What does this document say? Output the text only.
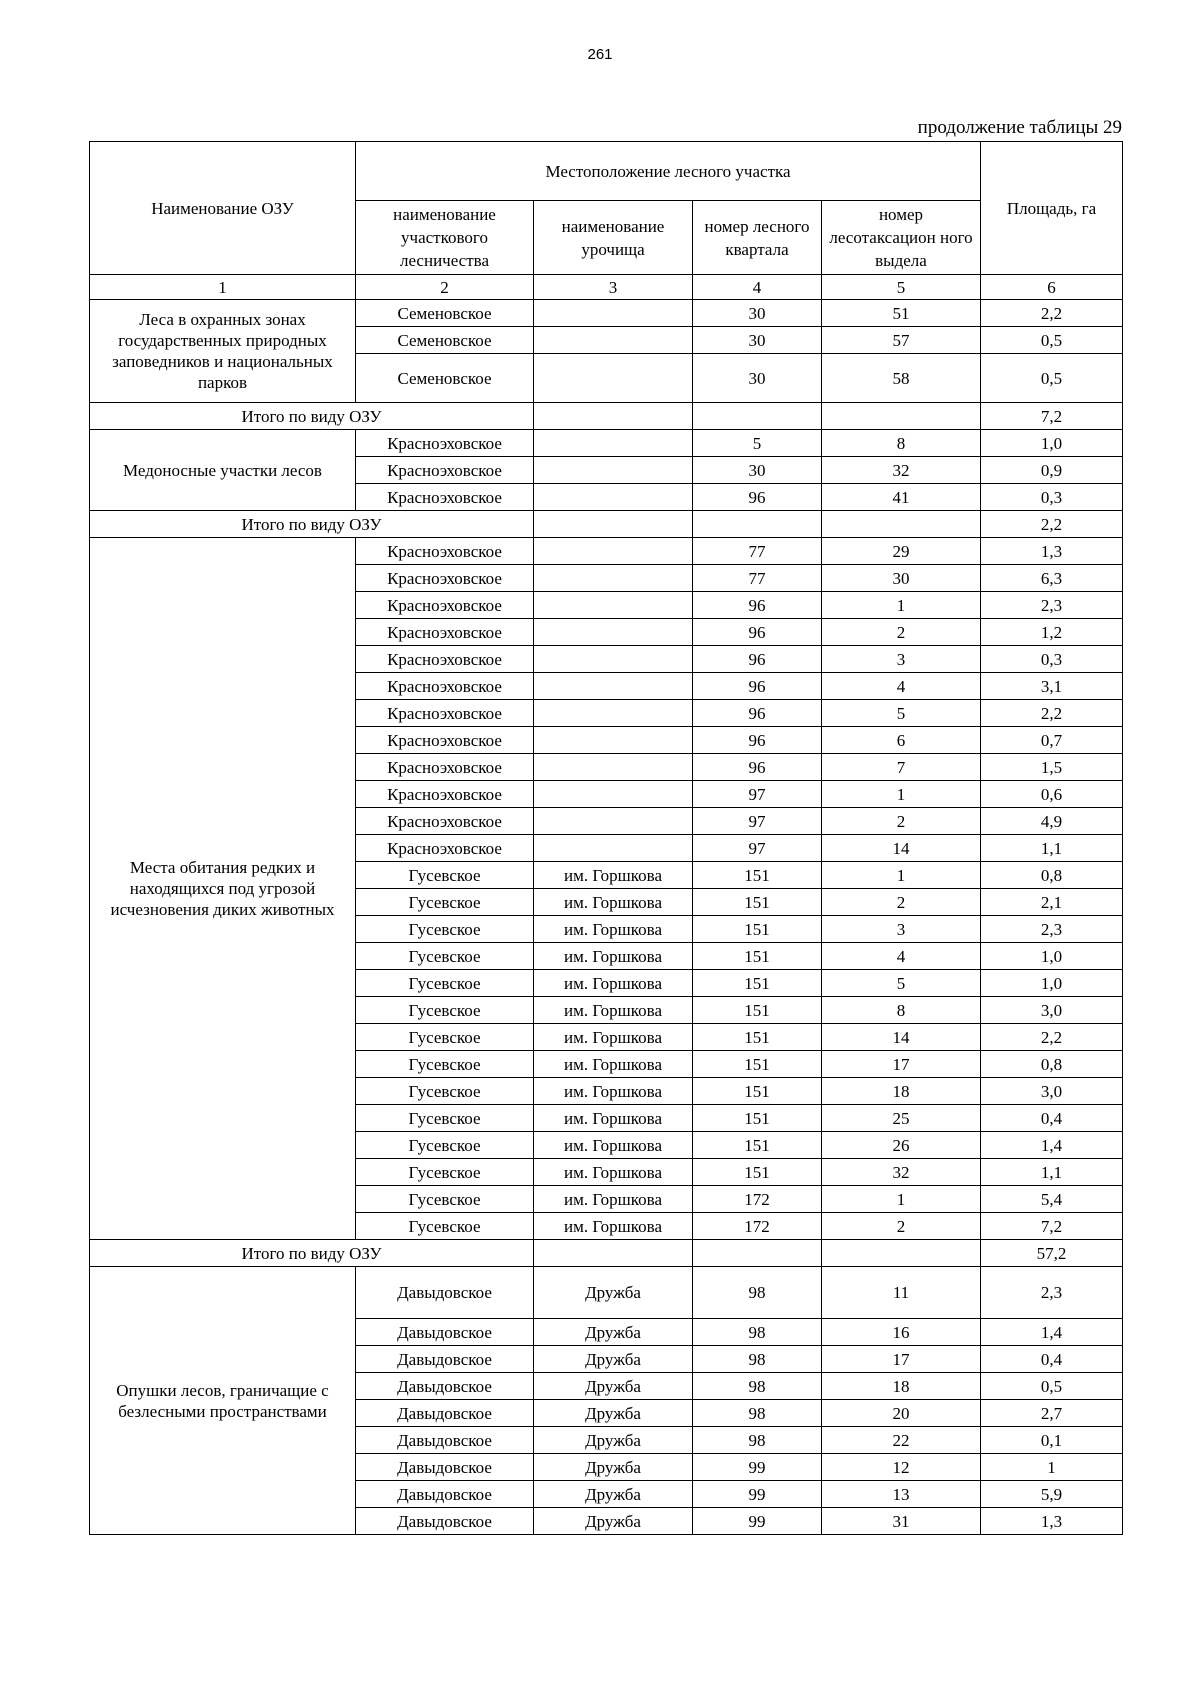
261
продолжение таблицы 29
Наименование ОЗУ	Местоположение лесного участка				Площадь, га
	наименование участкового лесничества	наименование урочища	номер лесного квартала	номер лесотаксацион ного выдела	
1	2	3	4	5	6
Леса в охранных зонах государственных природных заповедников и национальных парков	Семеновское		30	51	2,2
	Семеновское		30	57	0,5
	Семеновское		30	58	0,5
Итого по виду ОЗУ					7,2
Медоносные участки лесов	Красноэховское		5	8	1,0
	Красноэховское		30	32	0,9
	Красноэховское		96	41	0,3
Итого по виду ОЗУ					2,2
Места обитания редких и находящихся под угрозой исчезновения диких животных	Красноэховское		77	29	1,3
	Красноэховское		77	30	6,3
	Красноэховское		96	1	2,3
	Красноэховское		96	2	1,2
	Красноэховское		96	3	0,3
	Красноэховское		96	4	3,1
	Красноэховское		96	5	2,2
	Красноэховское		96	6	0,7
	Красноэховское		96	7	1,5
	Красноэховское		97	1	0,6
	Красноэховское		97	2	4,9
	Красноэховское		97	14	1,1
	Гусевское	им. Горшкова	151	1	0,8
	Гусевское	им. Горшкова	151	2	2,1
	Гусевское	им. Горшкова	151	3	2,3
	Гусевское	им. Горшкова	151	4	1,0
	Гусевское	им. Горшкова	151	5	1,0
	Гусевское	им. Горшкова	151	8	3,0
	Гусевское	им. Горшкова	151	14	2,2
	Гусевское	им. Горшкова	151	17	0,8
	Гусевское	им. Горшкова	151	18	3,0
	Гусевское	им. Горшкова	151	25	0,4
	Гусевское	им. Горшкова	151	26	1,4
	Гусевское	им. Горшкова	151	32	1,1
	Гусевское	им. Горшкова	172	1	5,4
	Гусевское	им. Горшкова	172	2	7,2
Итого по виду ОЗУ					57,2
Опушки лесов, граничащие с безлесными пространствами	Давыдовское	Дружба	98	11	2,3
	Давыдовское	Дружба	98	16	1,4
	Давыдовское	Дружба	98	17	0,4
	Давыдовское	Дружба	98	18	0,5
	Давыдовское	Дружба	98	20	2,7
	Давыдовское	Дружба	98	22	0,1
	Давыдовское	Дружба	99	12	1
	Давыдовское	Дружба	99	13	5,9
	Давыдовское	Дружба	99	31	1,3
